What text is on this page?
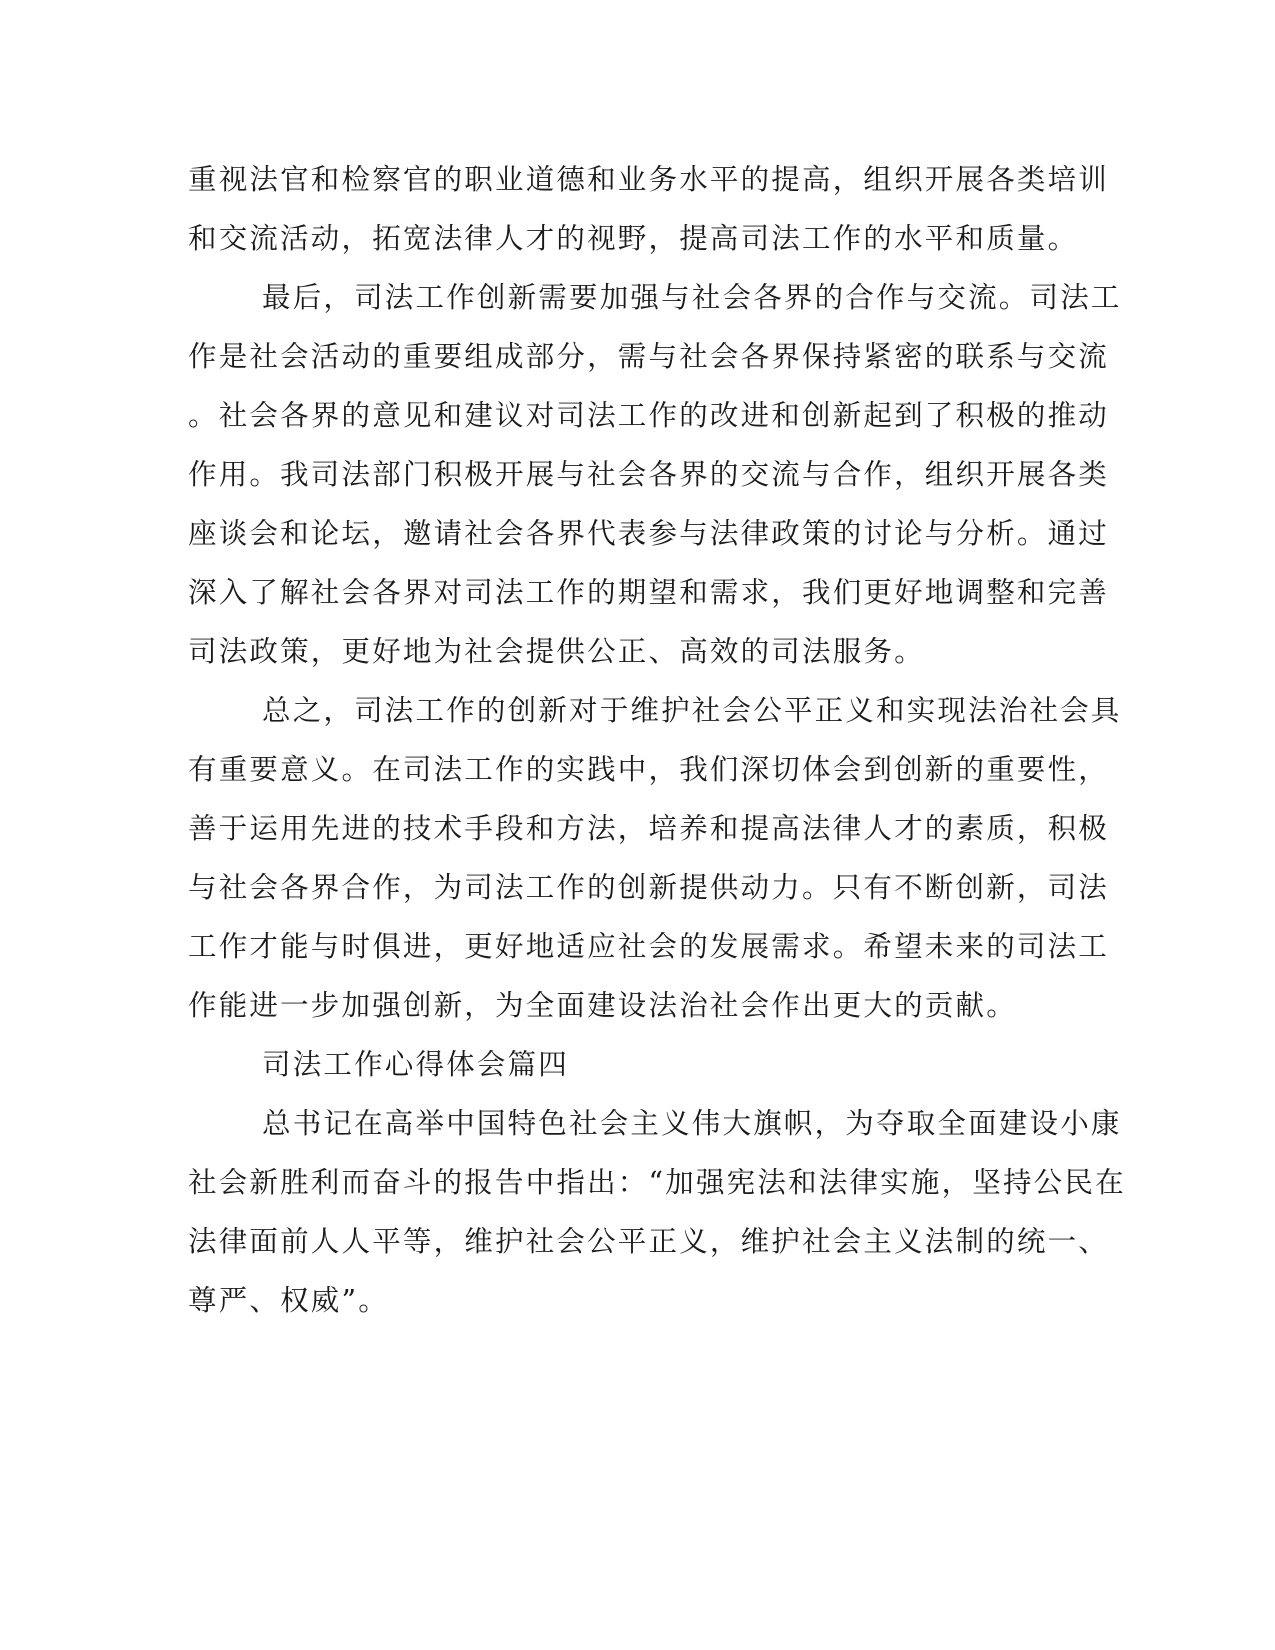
重视法官和检察官的职业道德和业务水平的提高，组织开展各类培训
和交流活动，拓宽法律人才的视野，提高司法工作的水平和质量。
最后，司法工作创新需要加强与社会各界的合作与交流。司法工
作是社会活动的重要组成部分，需与社会各界保持紧密的联系与交流
。社会各界的意见和建议对司法工作的改进和创新起到了积极的推动
作用。我司法部门积极开展与社会各界的交流与合作，组织开展各类
座谈会和论坛，邀请社会各界代表参与法律政策的讨论与分析。通过
深入了解社会各界对司法工作的期望和需求，我们更好地调整和完善
司法政策，更好地为社会提供公正、高效的司法服务。
总之，司法工作的创新对于维护社会公平正义和实现法治社会具
有重要意义。在司法工作的实践中，我们深切体会到创新的重要性，
善于运用先进的技术手段和方法，培养和提高法律人才的素质，积极
与社会各界合作，为司法工作的创新提供动力。只有不断创新，司法
工作才能与时俱进，更好地适应社会的发展需求。希望未来的司法工
作能进一步加强创新，为全面建设法治社会作出更大的贡献。
司法工作心得体会篇四
总书记在高举中国特色社会主义伟大旗帜，为夺取全面建设小康
社会新胜利而奋斗的报告中指出：“加强宪法和法律实施，坚持公民在
法律面前人人平等，维护社会公平正义，维护社会主义法制的统一、
尊严、权威”。
